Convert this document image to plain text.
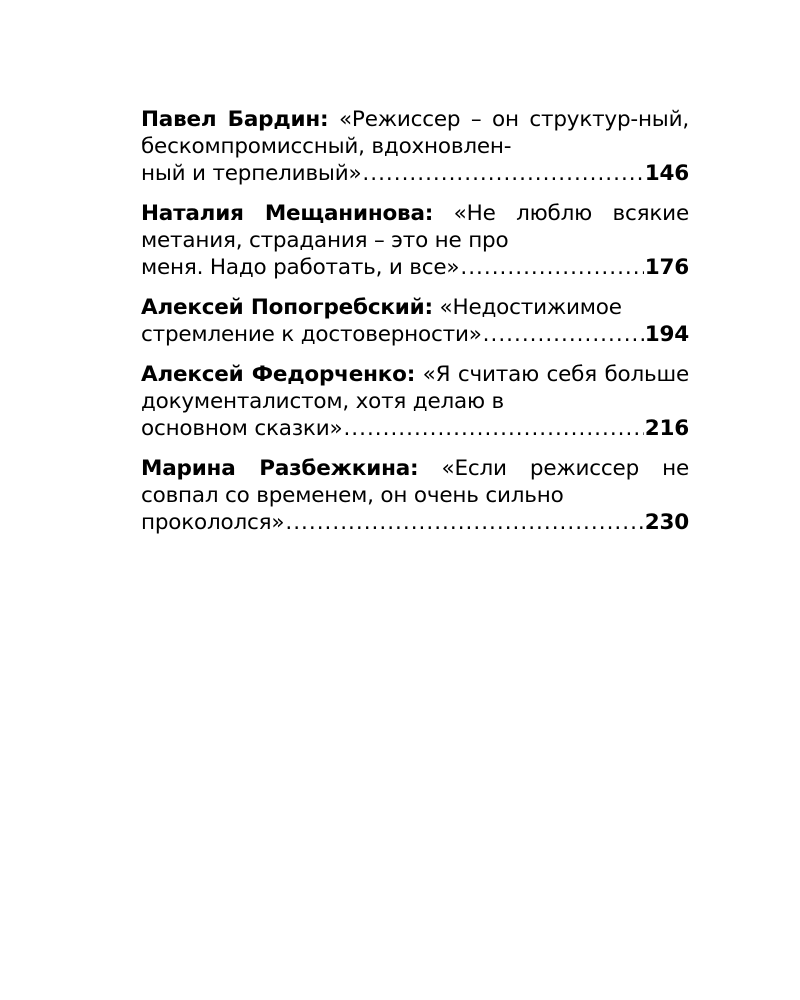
Павел Бардин: «Режиссер – он структур-ный, бескомпромиссный, вдохновлен-
ный и терпеливый» .....	146
Наталия Мещанинова: «Не люблю всякие метания, страдания – это не про
меня. Надо работать, и все» .....	176
Алексей Попогребский: «Недостижимое
стремление к достоверности» .....	194
Алексей Федорченко: «Я считаю себя больше документалистом, хотя делаю в
основном сказки» .....	216
Марина Разбежкина: «Если режиссер не совпал со временем, он очень сильно
прокололся» .....	230
